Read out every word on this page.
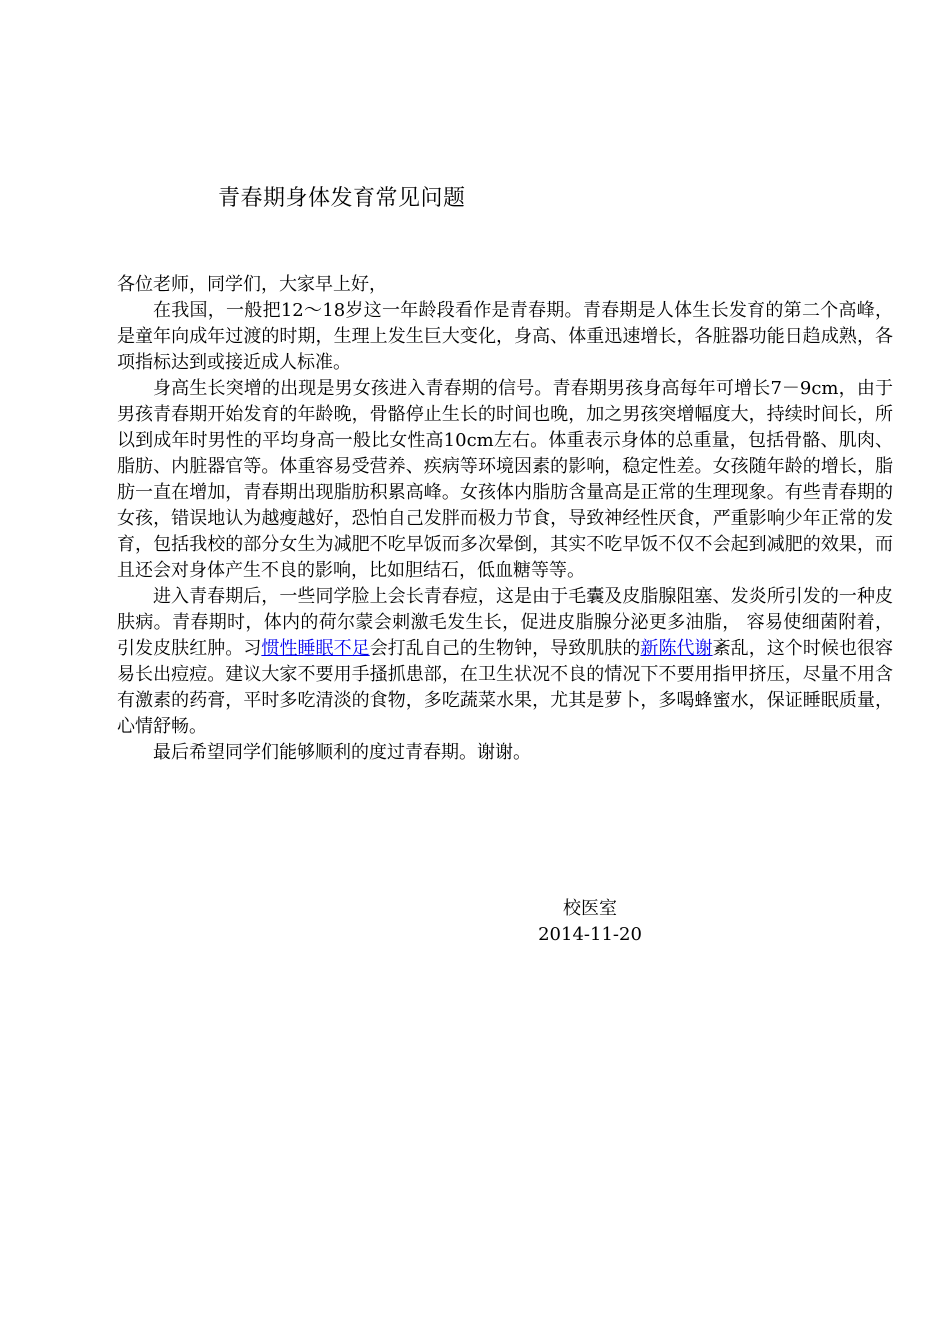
青春期身体发育常见问题

各位老师，同学们，大家早上好，

在我国，一般把12～18岁这一年龄段看作是青春期。青春期是人体生长发育的第二个高峰，是童年向成年过渡的时期，生理上发生巨大变化，身高、体重迅速增长，各脏器功能日趋成熟，各项指标达到或接近成人标准。

身高生长突增的出现是男女孩进入青春期的信号。青春期男孩身高每年可增长7－9cm，由于男孩青春期开始发育的年龄晚，骨骼停止生长的时间也晚，加之男孩突增幅度大，持续时间长，所以到成年时男性的平均身高一般比女性高10cm左右。体重表示身体的总重量，包括骨骼、肌肉、脂肪、内脏器官等。体重容易受营养、疾病等环境因素的影响，稳定性差。女孩随年龄的增长，脂肪一直在增加，青春期出现脂肪积累高峰。女孩体内脂肪含量高是正常的生理现象。有些青春期的女孩，错误地认为越瘦越好，恐怕自己发胖而极力节食，导致神经性厌食，严重影响少年正常的发育，包括我校的部分女生为减肥不吃早饭而多次晕倒，其实不吃早饭不仅不会起到减肥的效果，而且还会对身体产生不良的影响，比如胆结石，低血糖等等。

进入青春期后，一些同学脸上会长青春痘，这是由于毛囊及皮脂腺阻塞、发炎所引发的一种皮肤病。青春期时，体内的荷尔蒙会刺激毛发生长，促进皮脂腺分泌更多油脂， 容易使细菌附着，引发皮肤红肿。习惯性睡眠不足会打乱自己的生物钟，导致肌肤的新陈代谢紊乱，这个时候也很容易长出痘痘。建议大家不要用手搔抓患部，在卫生状况不良的情况下不要用指甲挤压，尽量不用含有激素的药膏，平时多吃清淡的食物，多吃蔬菜水果，尤其是萝卜，多喝蜂蜜水，保证睡眠质量，心情舒畅。

最后希望同学们能够顺利的度过青春期。谢谢。

校医室
2014-11-20
